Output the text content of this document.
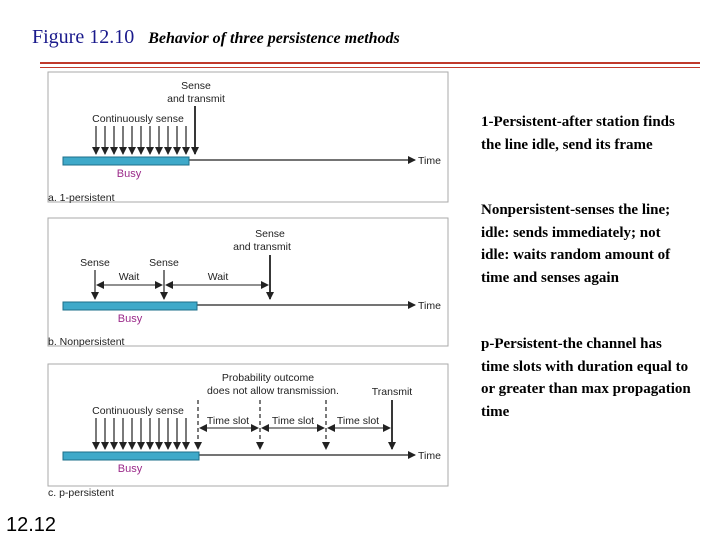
Figure 12.10 Behavior of three persistence methods
Sense
and transmit
Continuously sense
Time
Busy
a. 1-persistent
Sense
and transmit
Sense	Sense
Wait	Wait
Time
Busy
b. Nonpersistent
Probability outcome
does not allow transmission.	Transmit
Continuously sense
Time slot Time slot Time slot
Time
Busy
c. p-persistent
1-Persistent-after station finds the line idle, send its frame
Nonpersistent-senses the line; idle: sends immediately; not idle: waits random amount of time and senses again
p-Persistent-the channel has time slots with duration equal to or greater than max propagation time
12.12
